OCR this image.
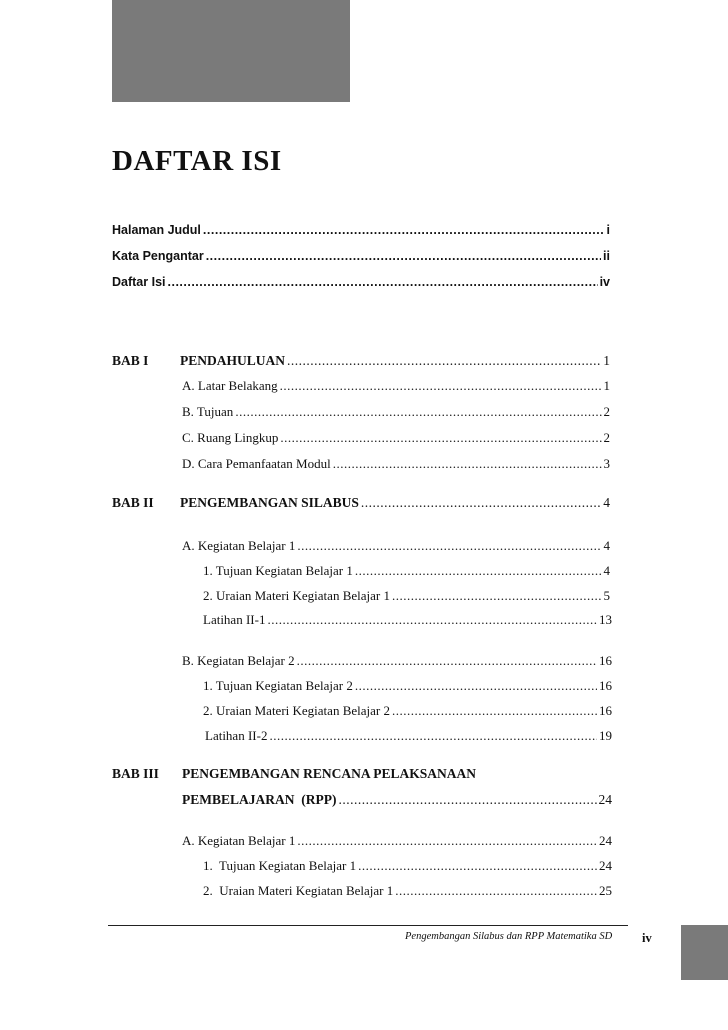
DAFTAR ISI
Halaman Judul .....	i
Kata Pengantar .....	ii
Daftar Isi .....	iv
BAB I PENDAHULUAN .....	1
A. Latar Belakang .....	1
B. Tujuan .....	2
C. Ruang Lingkup .....	2
D. Cara Pemanfaatan Modul .....	3
BAB II PENGEMBANGAN SILABUS .....	4
A. Kegiatan Belajar 1 .....	4
1. Tujuan Kegiatan Belajar 1 .....	4
2. Uraian Materi Kegiatan Belajar 1 .....	5
Latihan II-1 .....	13
B. Kegiatan Belajar 2 .....	16
1. Tujuan Kegiatan Belajar 2 .....	16
2. Uraian Materi Kegiatan Belajar 2 .....	16
Latihan II-2 .....	19
BAB III PENGEMBANGAN RENCANA PELAKSANAAN
PEMBELAJARAN  (RPP) .....	24
A. Kegiatan Belajar 1 .....	24
1.  Tujuan Kegiatan Belajar 1 .....	24
2.  Uraian Materi Kegiatan Belajar 1 .....	25
Pengembangan Silabus dan RPP Matematika SD iv
